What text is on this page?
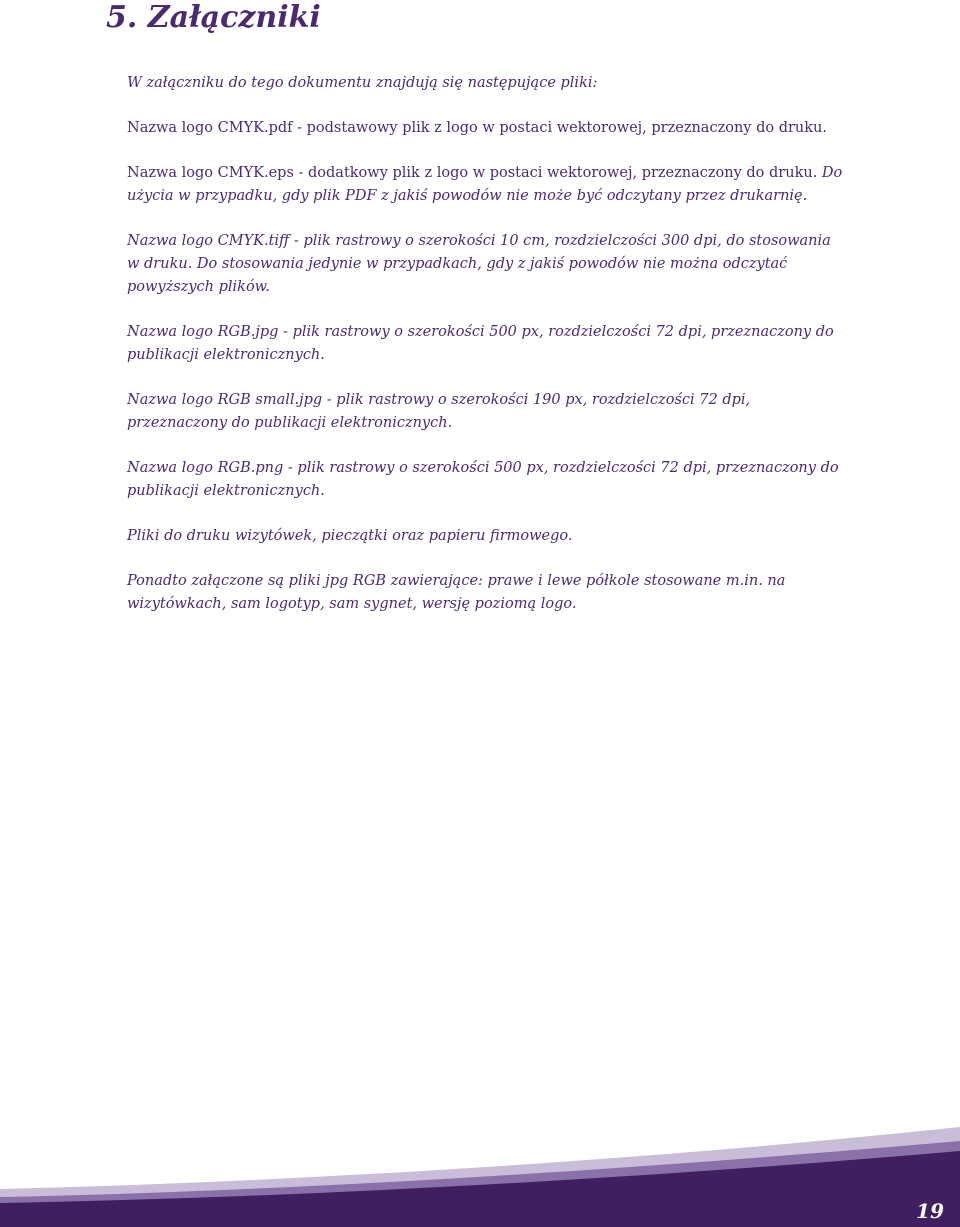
5. Załączniki

W załączniku do tego dokumentu znajdują się następujące pliki:

Nazwa logo CMYK.pdf - podstawowy plik z logo w postaci wektorowej, przeznaczony do druku.

Nazwa logo CMYK.eps - dodatkowy plik z logo w postaci wektorowej, przeznaczony do druku. Do użycia w przypadku, gdy plik PDF z jakiś powodów nie może być odczytany przez drukarnię.

Nazwa logo CMYK.tiff - plik rastrowy o szerokości 10 cm, rozdzielczości 300 dpi, do stosowania w druku. Do stosowania jedynie w przypadkach, gdy z jakiś powodów nie można odczytać powyższych plików.

Nazwa logo RGB.jpg - plik rastrowy o szerokości 500 px, rozdzielczości 72 dpi, przeznaczony do publikacji elektronicznych.

Nazwa logo RGB small.jpg - plik rastrowy o szerokości 190 px, rozdzielczości 72 dpi, przeznaczony do publikacji elektronicznych.

Nazwa logo RGB.png - plik rastrowy o szerokości 500 px, rozdzielczości 72 dpi, przeznaczony do publikacji elektronicznych.

Pliki do druku wizytówek, pieczątki oraz papieru firmowego.

Ponadto załączone są pliki jpg RGB zawierające: prawe i lewe półkole stosowane m.in. na wizytówkach, sam logotyp, sam sygnet, wersję poziomą logo.

19
